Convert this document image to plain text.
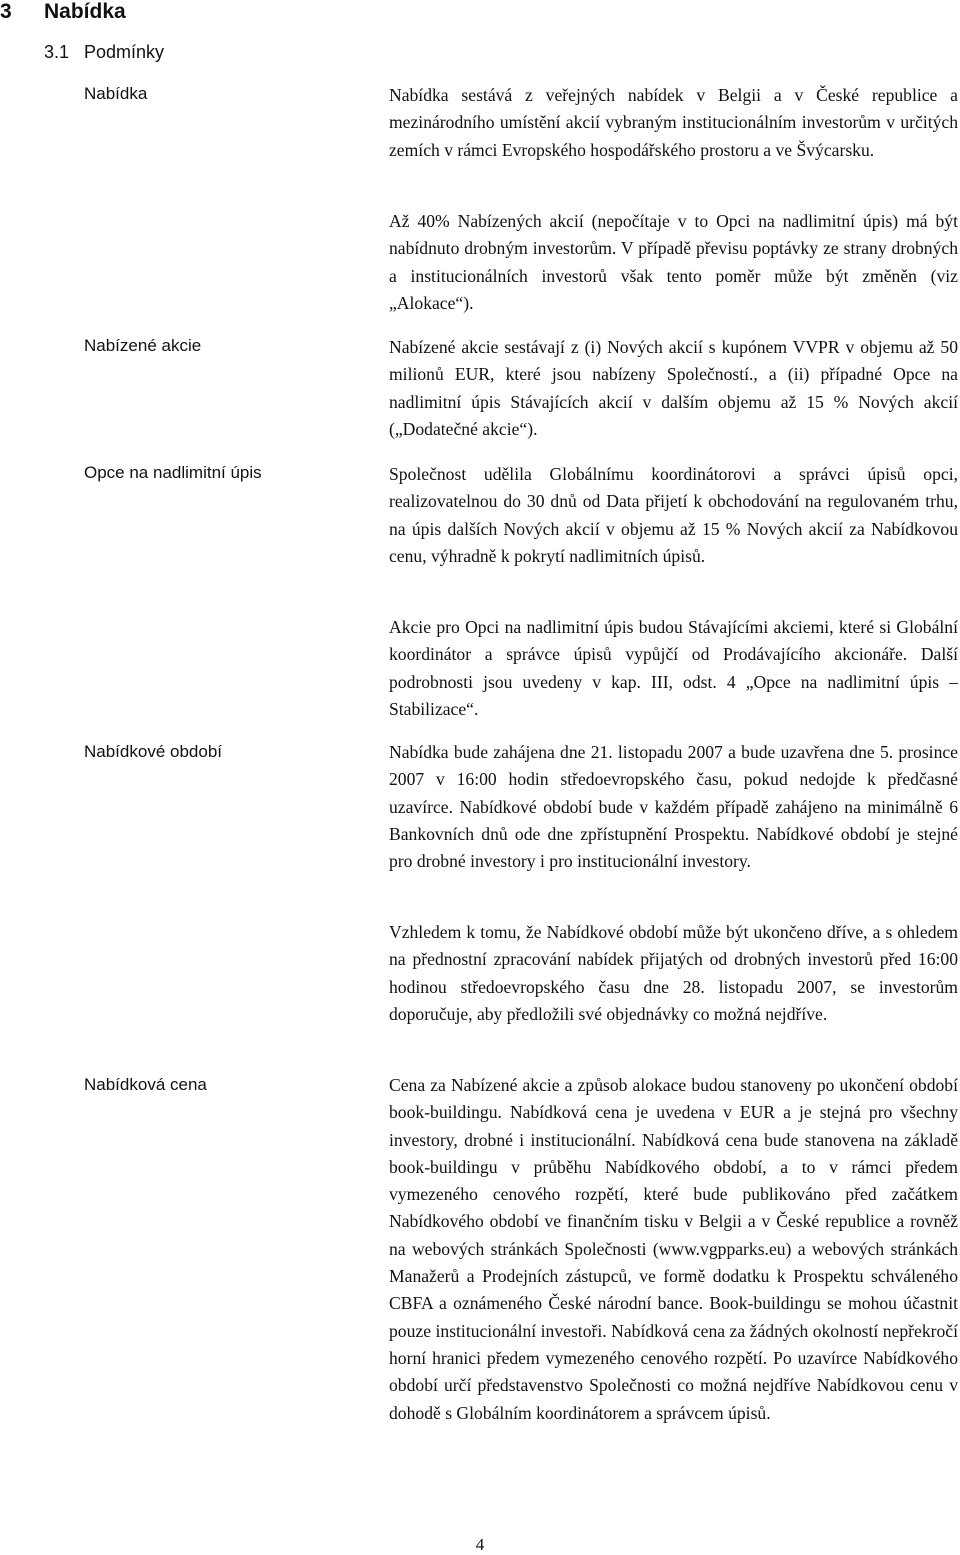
3 Nabídka
3.1 Podmínky
Nabídka	Nabídka sestává z veřejných nabídek v Belgii a v České republice a mezinárodního umístění akcií vybraným institucionálním investorům v určitých zemích v rámci Evropského hospodářského prostoru a ve Švýcarsku.

Až 40% Nabízených akcií (nepočítaje v to Opci na nadlimitní úpis) má být nabídnuto drobným investorům. V případě převisu poptávky ze strany drobných a institucionálních investorů však tento poměr může být změněn (viz „Alokace“).

Nabízené akcie	Nabízené akcie sestávají z (i) Nových akcií s kupónem VVPR v objemu až 50 milionů EUR, které jsou nabízeny Společností., a (ii) případné Opce na nadlimitní úpis Stávajících akcií v dalším objemu až 15 % Nových akcií („Dodatečné akcie“).

Opce na nadlimitní úpis	Společnost udělila Globálnímu koordinátorovi a správci úpisů opci, realizovatelnou do 30 dnů od Data přijetí k obchodování na regulovaném trhu, na úpis dalších Nových akcií v objemu až 15 % Nových akcií za Nabídkovou cenu, výhradně k pokrytí nadlimitních úpisů.

Akcie pro Opci na nadlimitní úpis budou Stávajícími akciemi, které si Globální koordinátor a správce úpisů vypůjčí od Prodávajícího akcionáře. Další podrobnosti jsou uvedeny v kap. III, odst. 4 „Opce na nadlimitní úpis – Stabilizace“.

Nabídkové období	Nabídka bude zahájena dne 21. listopadu 2007 a bude uzavřena dne 5. prosince 2007 v 16:00 hodin středoevropského času, pokud nedojde k předčasné uzavírce. Nabídkové období bude v každém případě zahájeno na minimálně 6 Bankovních dnů ode dne zpřístupnění Prospektu. Nabídkové období je stejné pro drobné investory i pro institucionální investory.

Vzhledem k tomu, že Nabídkové období může být ukončeno dříve, a s ohledem na přednostní zpracování nabídek přijatých od drobných investorů před 16:00 hodinou středoevropského času dne 28. listopadu 2007, se investorům doporučuje, aby předložili své objednávky co možná nejdříve.

Nabídková cena	Cena za Nabízené akcie a způsob alokace budou stanoveny po ukončení období book-buildingu. Nabídková cena je uvedena v EUR a je stejná pro všechny investory, drobné i institucionální. Nabídková cena bude stanovena na základě book-buildingu v průběhu Nabídkového období, a to v rámci předem vymezeného cenového rozpětí, které bude publikováno před začátkem Nabídkového období ve finančním tisku v Belgii a v České republice a rovněž na webových stránkách Společnosti (www.vgpparks.eu) a webových stránkách Manažerů a Prodejních zástupců, ve formě dodatku k Prospektu schváleného CBFA a oznámeného České národní bance. Book-buildingu se mohou účastnit pouze institucionální investoři. Nabídková cena za žádných okolností nepřekročí horní hranici předem vymezeného cenového rozpětí. Po uzavírce Nabídkového období určí představenstvo Společnosti co možná nejdříve Nabídkovou cenu v dohodě s Globálním koordinátorem a správcem úpisů.

4
